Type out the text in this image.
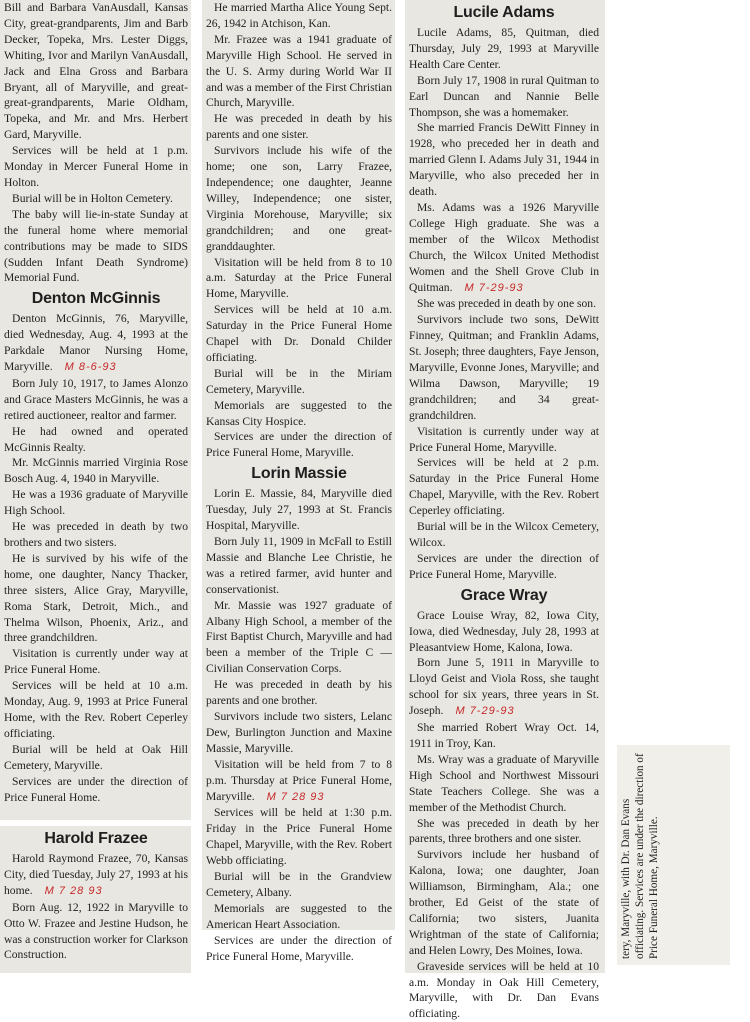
Bill and Barbara VanAusdall, Kansas City, great-grandparents, Jim and Barb Decker, Topeka, Mrs. Lester Diggs, Whiting, Ivor and Marilyn VanAusdall, Jack and Elna Gross and Barbara Bryant, all of Maryville, and great-great-grandparents, Marie Oldham, Topeka, and Mr. and Mrs. Herbert Gard, Maryville.

Services will be held at 1 p.m. Monday in Mercer Funeral Home in Holton.

Burial will be in Holton Cemetery.

The baby will lie-in-state Sunday at the funeral home where memorial contributions may be made to SIDS (Sudden Infant Death Syndrome) Memorial Fund.

Denton McGinnis

Denton McGinnis, 76, Maryville, died Wednesday, Aug. 4, 1993 at the Parkdale Manor Nursing Home, Maryville. M 8-6-93

Born July 10, 1917, to James Alonzo and Grace Masters McGinnis, he was a retired auctioneer, realtor and farmer.

He had owned and operated McGinnis Realty.

Mr. McGinnis married Virginia Rose Bosch Aug. 4, 1940 in Maryville.

He was a 1936 graduate of Maryville High School.

He was preceded in death by two brothers and two sisters.

He is survived by his wife of the home, one daughter, Nancy Thacker, three sisters, Alice Gray, Maryville, Roma Stark, Detroit, Mich., and Thelma Wilson, Phoenix, Ariz., and three grandchildren.

Visitation is currently under way at Price Funeral Home.

Services will be held at 10 a.m. Monday, Aug. 9, 1993 at Price Funeral Home, with the Rev. Robert Ceperley officiating.

Burial will be held at Oak Hill Cemetery, Maryville.

Services are under the direction of Price Funeral Home.

Harold Frazee

Harold Raymond Frazee, 70, Kansas City, died Tuesday, July 27, 1993 at his home. M 7 28 93

Born Aug. 12, 1922 in Maryville to Otto W. Frazee and Jestine Hudson, he was a construction worker for Clarkson Construction.

He married Martha Alice Young Sept. 26, 1942 in Atchison, Kan.

Mr. Frazee was a 1941 graduate of Maryville High School. He served in the U. S. Army during World War II and was a member of the First Christian Church, Maryville.

He was preceded in death by his parents and one sister.

Survivors include his wife of the home; one son, Larry Frazee, Independence; one daughter, Jeanne Willey, Independence; one sister, Virginia Morehouse, Maryville; six grandchildren; and one great-granddaughter.

Visitation will be held from 8 to 10 a.m. Saturday at the Price Funeral Home, Maryville.

Services will be held at 10 a.m. Saturday in the Price Funeral Home Chapel with Dr. Donald Childer officiating.

Burial will be in the Miriam Cemetery, Maryville.

Memorials are suggested to the Kansas City Hospice.

Services are under the direction of Price Funeral Home, Maryville.

Lorin Massie

Lorin E. Massie, 84, Maryville died Tuesday, July 27, 1993 at St. Francis Hospital, Maryville.

Born July 11, 1909 in McFall to Estill Massie and Blanche Lee Christie, he was a retired farmer, avid hunter and conservationist.

Mr. Massie was 1927 graduate of Albany High School, a member of the First Baptist Church, Maryville and had been a member of the Triple C — Civilian Conservation Corps.

He was preceded in death by his parents and one brother.

Survivors include two sisters, Lelanc Dew, Burlington Junction and Maxine Massie, Maryville.

Visitation will be held from 7 to 8 p.m. Thursday at Price Funeral Home, Maryville. M 7 28 93

Services will be held at 1:30 p.m. Friday in the Price Funeral Home Chapel, Maryville, with the Rev. Robert Webb officiating.

Burial will be in the Grandview Cemetery, Albany.

Memorials are suggested to the American Heart Association.

Services are under the direction of Price Funeral Home, Maryville.

Lucile Adams

Lucile Adams, 85, Quitman, died Thursday, July 29, 1993 at Maryville Health Care Center.

Born July 17, 1908 in rural Quitman to Earl Duncan and Nannie Belle Thompson, she was a homemaker.

She married Francis DeWitt Finney in 1928, who preceded her in death and married Glenn I. Adams July 31, 1944 in Maryville, who also preceded her in death.

Ms. Adams was a 1926 Maryville College High graduate. She was a member of the Wilcox Methodist Church, the Wilcox United Methodist Women and the Shell Grove Club in Quitman. M 7-29-93

She was preceded in death by one son.

Survivors include two sons, DeWitt Finney, Quitman; and Franklin Adams, St. Joseph; three daughters, Faye Jenson, Maryville, Evonne Jones, Maryville; and Wilma Dawson, Maryville; 19 grandchildren; and 34 great-grandchildren.

Visitation is currently under way at Price Funeral Home, Maryville.

Services will be held at 2 p.m. Saturday in the Price Funeral Home Chapel, Maryville, with the Rev. Robert Ceperley officiating.

Burial will be in the Wilcox Cemetery, Wilcox.

Services are under the direction of Price Funeral Home, Maryville.

Grace Wray

Grace Louise Wray, 82, Iowa City, Iowa, died Wednesday, July 28, 1993 at Pleasantview Home, Kalona, Iowa.

Born June 5, 1911 in Maryville to Lloyd Geist and Viola Ross, she taught school for six years, three years in St. Joseph. M 7-29-93

She married Robert Wray Oct. 14, 1911 in Troy, Kan.

Ms. Wray was a graduate of Maryville High School and Northwest Missouri State Teachers College. She was a member of the Methodist Church.

She was preceded in death by her parents, three brothers and one sister.

Survivors include her husband of Kalona, Iowa; one daughter, Joan Williamson, Birmingham, Ala.; one brother, Ed Geist of the state of California; two sisters, Juanita Wrightman of the state of California; and Helen Lowry, Des Moines, Iowa.

Graveside services will be held at 10 a.m. Monday in Oak Hill Cemetery, Maryville, with Dr. Dan Evans officiating.

tery, Maryville, with Dr. Dan Evans officiating. Services are under the direction of Price Funeral Home, Maryville.
